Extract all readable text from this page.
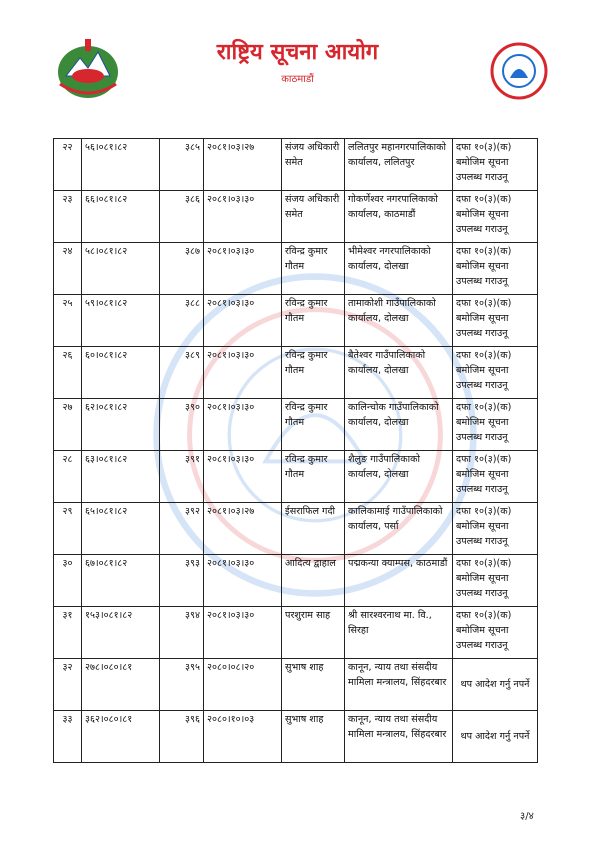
राष्ट्रिय सूचना आयोग
काठमाडौं
२२	५६।०८१।८२	३८५	२०८१।०३।२७	संजय अधिकारी समेत	ललितपुर महानगरपालिकाको कार्यालय, ललितपुर	दफा १०(३)(क) बमोजिम सूचना उपलब्ध गराउनू
२३	६६।०८१।८२	३८६	२०८१।०३।३०	संजय अधिकारी समेत	गोकर्णेश्वर नगरपालिकाको कार्यालय, काठमाडौं	दफा १०(३)(क) बमोजिम सूचना उपलब्ध गराउनू
२४	५८।०८१।८२	३८७	२०८१।०३।३०	रविन्द्र कुमार गौतम	भीमेश्वर नगरपालिकाको कार्यालय, दोलखा	दफा १०(३)(क) बमोजिम सूचना उपलब्ध गराउनू
२५	५९।०८१।८२	३८८	२०८१।०३।३०	रविन्द्र कुमार गौतम	तामाकोशी गाउँपालिकाको कार्यालय, दोलखा	दफा १०(३)(क) बमोजिम सूचना उपलब्ध गराउनू
२६	६०।०८१।८२	३८९	२०८१।०३।३०	रविन्द्र कुमार गौतम	बैतेश्वर गाउँपालिकाको कार्यालय, दोलखा	दफा १०(३)(क) बमोजिम सूचना उपलब्ध गराउनू
२७	६२।०८१।८२	३९०	२०८१।०३।३०	रविन्द्र कुमार गौतम	कालिन्चोक गाउँपालिकाको कार्यालय, दोलखा	दफा १०(३)(क) बमोजिम सूचना उपलब्ध गराउनू
२८	६३।०८१।८२	३९१	२०८१।०३।३०	रविन्द्र कुमार गौतम	शैलुङ गाउँपालिकाको कार्यालय, दोलखा	दफा १०(३)(क) बमोजिम सूचना उपलब्ध गराउनू
२९	६५।०८१।८२	३९२	२०८१।०३।२७	ईसराफिल गदी	कालिकामाई गाउँपालिकाको कार्यालय, पर्सा	दफा १०(३)(क) बमोजिम सूचना उपलब्ध गराउनू
३०	६७।०८१।८२	३९३	२०८१।०३।३०	आदित्य द्वाहाल	पद्मकन्या क्याम्पस, काठमाडौं	दफा १०(३)(क) बमोजिम सूचना उपलब्ध गराउनू
३१	१५३।०८१।८२	३९४	२०८१।०३।३०	परशुराम साह	श्री सारश्वरनाथ मा. वि., सिरहा	दफा १०(३)(क) बमोजिम सूचना उपलब्ध गराउनू
३२	२७८।०८०।८१	३९५	२०८०।०८।२०	सुभाष शाह	कानून, न्याय तथा संसदीय मामिला मन्त्रालय, सिंहदरबार	थप आदेश गर्नु नपर्ने
३३	३६२।०८०।८१	३९६	२०८०।१०।०३	सुभाष शाह	कानून, न्याय तथा संसदीय मामिला मन्त्रालय, सिंहदरबार	थप आदेश गर्नु नपर्ने
३/४
